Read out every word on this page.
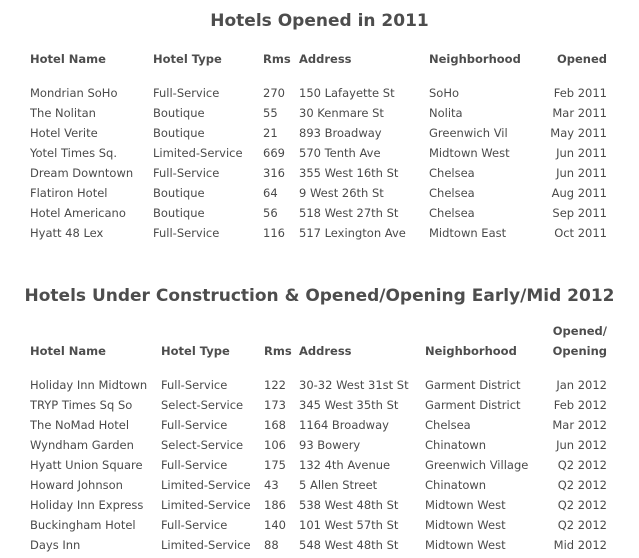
Hotels Opened in 2011
Hotel Name	Hotel Type	Rms	Address	Neighborhood	Opened

Mondrian SoHo	Full-Service	270	150 Lafayette St	SoHo	Feb 2011
The Nolitan	Boutique	55	30 Kenmare St	Nolita	Mar 2011
Hotel Verite	Boutique	21	893 Broadway	Greenwich Vil	May 2011
Yotel Times Sq.	Limited-Service	669	570 Tenth Ave	Midtown West	Jun 2011
Dream Downtown	Full-Service	316	355 West 16th St	Chelsea	Jun 2011
Flatiron Hotel	Boutique	64	9 West 26th St	Chelsea	Aug 2011
Hotel Americano	Boutique	56	518 West 27th St	Chelsea	Sep 2011
Hyatt 48 Lex	Full-Service	116	517 Lexington Ave	Midtown East	Oct 2011
Hotels Under Construction & Opened/Opening Early/Mid 2012
					Opened/
Hotel Name	Hotel Type	Rms	Address	Neighborhood	Opening

Holiday Inn Midtown	Full-Service	122	30-32 West 31st St	Garment District	Jan 2012
TRYP Times Sq So	Select-Service	173	345 West 35th St	Garment District	Feb 2012
The NoMad Hotel	Full-Service	168	1164 Broadway	Chelsea	Mar 2012
Wyndham Garden	Select-Service	106	93 Bowery	Chinatown	Jun 2012
Hyatt Union Square	Full-Service	175	132 4th Avenue	Greenwich Village	Q2 2012
Howard Johnson	Limited-Service	43	5 Allen Street	Chinatown	Q2 2012
Holiday Inn Express	Limited-Service	186	538 West 48th St	Midtown West	Q2 2012
Buckingham Hotel	Full-Service	140	101 West 57th St	Midtown West	Q2 2012
Days Inn	Limited-Service	88	548 West 48th St	Midtown West	Mid 2012
